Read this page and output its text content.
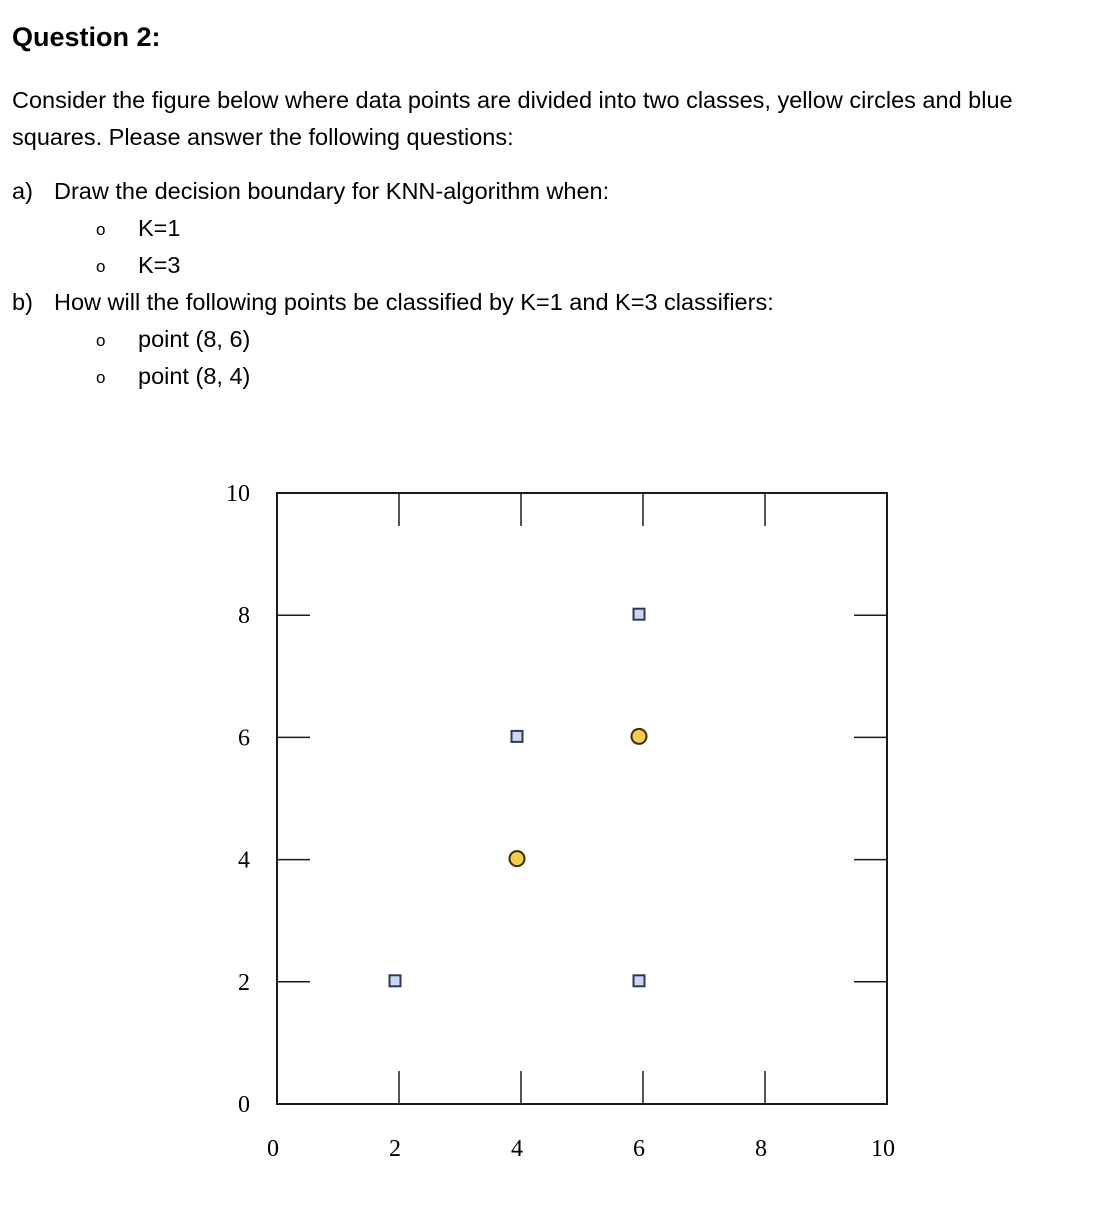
Question 2:
Consider the figure below where data points are divided into two classes, yellow circles and blue squares. Please answer the following questions:
a) Draw the decision boundary for KNN-algorithm when:
o K=1
o K=3
b) How will the following points be classified by K=1 and K=3 classifiers:
o point (8, 6)
o point (8, 4)
0	2	4	6	8	10
0
2
4
6
8
10
